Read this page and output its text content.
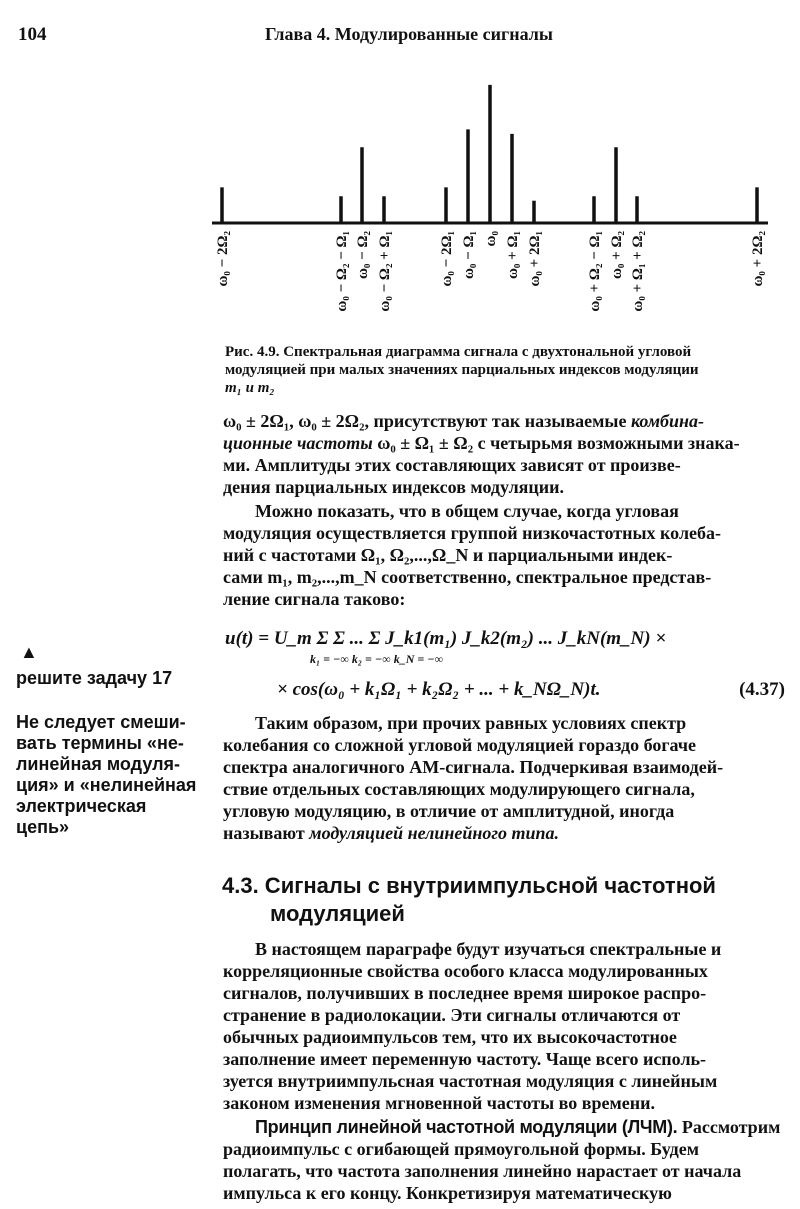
104	Глава 4. Модулированные сигналы
ω₀ − 2Ω₂	ω₀ − Ω₂ − Ω₁ ω₀ − Ω₂ ω₀ − Ω₂ + Ω₁	ω₀ − 2Ω₁ ω₀ − Ω₁ ω₀ ω₀ + Ω₁ ω₀ + 2Ω₁	ω₀ + Ω₂ − Ω₁ ω₀ + Ω₂ ω₀ + Ω₁ + Ω₂	ω₀ + 2Ω₂
Рис. 4.9. Спектральная диаграмма сигнала с двухтональной угловой
модуляцией при малых значениях парциальных индексов модуляции
m₁ и m₂
ω₀ ± 2Ω₁, ω₀ ± 2Ω₂, присутствуют так называемые комбина-
ционные частоты ω₀ ± Ω₁ ± Ω₂ с четырьмя возможными знака-
ми. Амплитуды этих составляющих зависят от произве-
дения парциальных индексов модуляции.
Можно показать, что в общем случае, когда угловая
модуляция осуществляется группой низкочастотных колеба-
ний с частотами Ω₁, Ω₂,...,Ω_N и парциальными индек-
сами m₁, m₂,...,m_N соответственно, спектральное представ-
ление сигнала таково:
u(t) = U_m Σ Σ ... Σ J_k1(m₁) J_k2(m₂) ... J_kN(m_N) ×
k₁ = −∞ k₂ = −∞ k_N = −∞
× cos(ω₀ + k₁Ω₁ + k₂Ω₂ + ... + k_NΩ_N)t.	(4.37)
Таким образом, при прочих равных условиях спектр
колебания со сложной угловой модуляцией гораздо богаче
спектра аналогичного АМ-сигнала. Подчеркивая взаимодей-
ствие отдельных составляющих модулирующего сигнала,
угловую модуляцию, в отличие от амплитудной, иногда
называют модуляцией нелинейного типа.
▲
решите задачу 17
Не следует смеши-
вать термины «не-
линейная модуля-
ция» и «нелинейная
электрическая
цепь»
4.3. Сигналы с внутриимпульсной частотной
модуляцией
В настоящем параграфе будут изучаться спектральные и
корреляционные свойства особого класса модулированных
сигналов, получивших в последнее время широкое распро-
странение в радиолокации. Эти сигналы отличаются от
обычных радиоимпульсов тем, что их высокочастотное
заполнение имеет переменную частоту. Чаще всего исполь-
зуется внутриимпульсная частотная модуляция с линейным
законом изменения мгновенной частоты во времени.
Принцип линейной частотной модуляции (ЛЧМ). Рассмотрим
радиоимпульс с огибающей прямоугольной формы. Будем
полагать, что частота заполнения линейно нарастает от начала
импульса к его концу. Конкретизируя математическую
